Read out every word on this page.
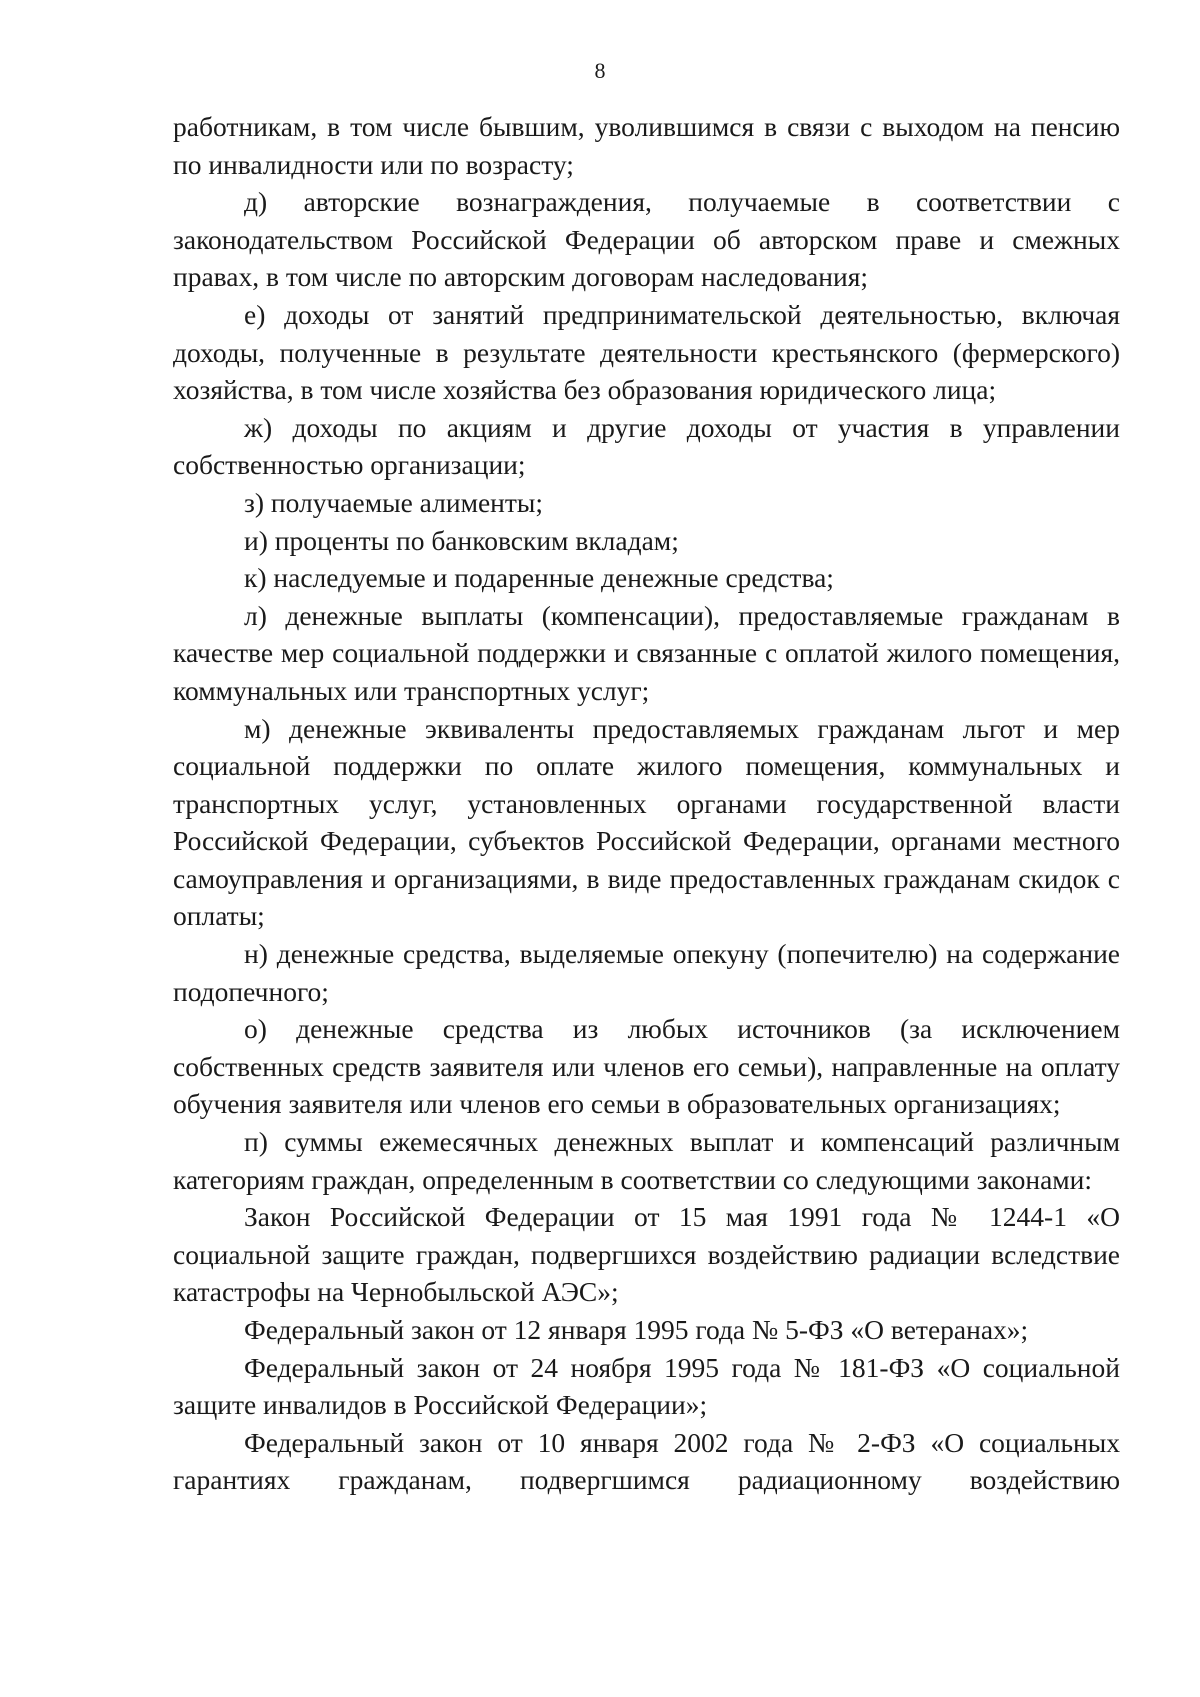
8

работникам, в том числе бывшим, уволившимся в связи с выходом на пенсию по инвалидности или по возрасту;

д) авторские вознаграждения, получаемые в соответствии с законодательством Российской Федерации об авторском праве и смежных правах, в том числе по авторским договорам наследования;

е) доходы от занятий предпринимательской деятельностью, включая доходы, полученные в результате деятельности крестьянского (фермерского) хозяйства, в том числе хозяйства без образования юридического лица;

ж) доходы по акциям и другие доходы от участия в управлении собственностью организации;

з) получаемые алименты;

и) проценты по банковским вкладам;

к) наследуемые и подаренные денежные средства;

л) денежные выплаты (компенсации), предоставляемые гражданам в качестве мер социальной поддержки и связанные с оплатой жилого помещения, коммунальных или транспортных услуг;

м) денежные эквиваленты предоставляемых гражданам льгот и мер социальной поддержки по оплате жилого помещения, коммунальных и транспортных услуг, установленных органами государственной власти Российской Федерации, субъектов Российской Федерации, органами местного самоуправления и организациями, в виде предоставленных гражданам скидок с оплаты;

н) денежные средства, выделяемые опекуну (попечителю) на содержание подопечного;

о) денежные средства из любых источников (за исключением собственных средств заявителя или членов его семьи), направленные на оплату обучения заявителя или членов его семьи в образовательных организациях;

п) суммы ежемесячных денежных выплат и компенсаций различным категориям граждан, определенным в соответствии со следующими законами:

Закон Российской Федерации от 15 мая 1991 года № 1244-1 «О социальной защите граждан, подвергшихся воздействию радиации вследствие катастрофы на Чернобыльской АЭС»;

Федеральный закон от 12 января 1995 года № 5-ФЗ «О ветеранах»;

Федеральный закон от 24 ноября 1995 года № 181-ФЗ «О социальной защите инвалидов в Российской Федерации»;

Федеральный закон от 10 января 2002 года № 2-ФЗ «О социальных гарантиях гражданам, подвергшимся радиационному воздействию
